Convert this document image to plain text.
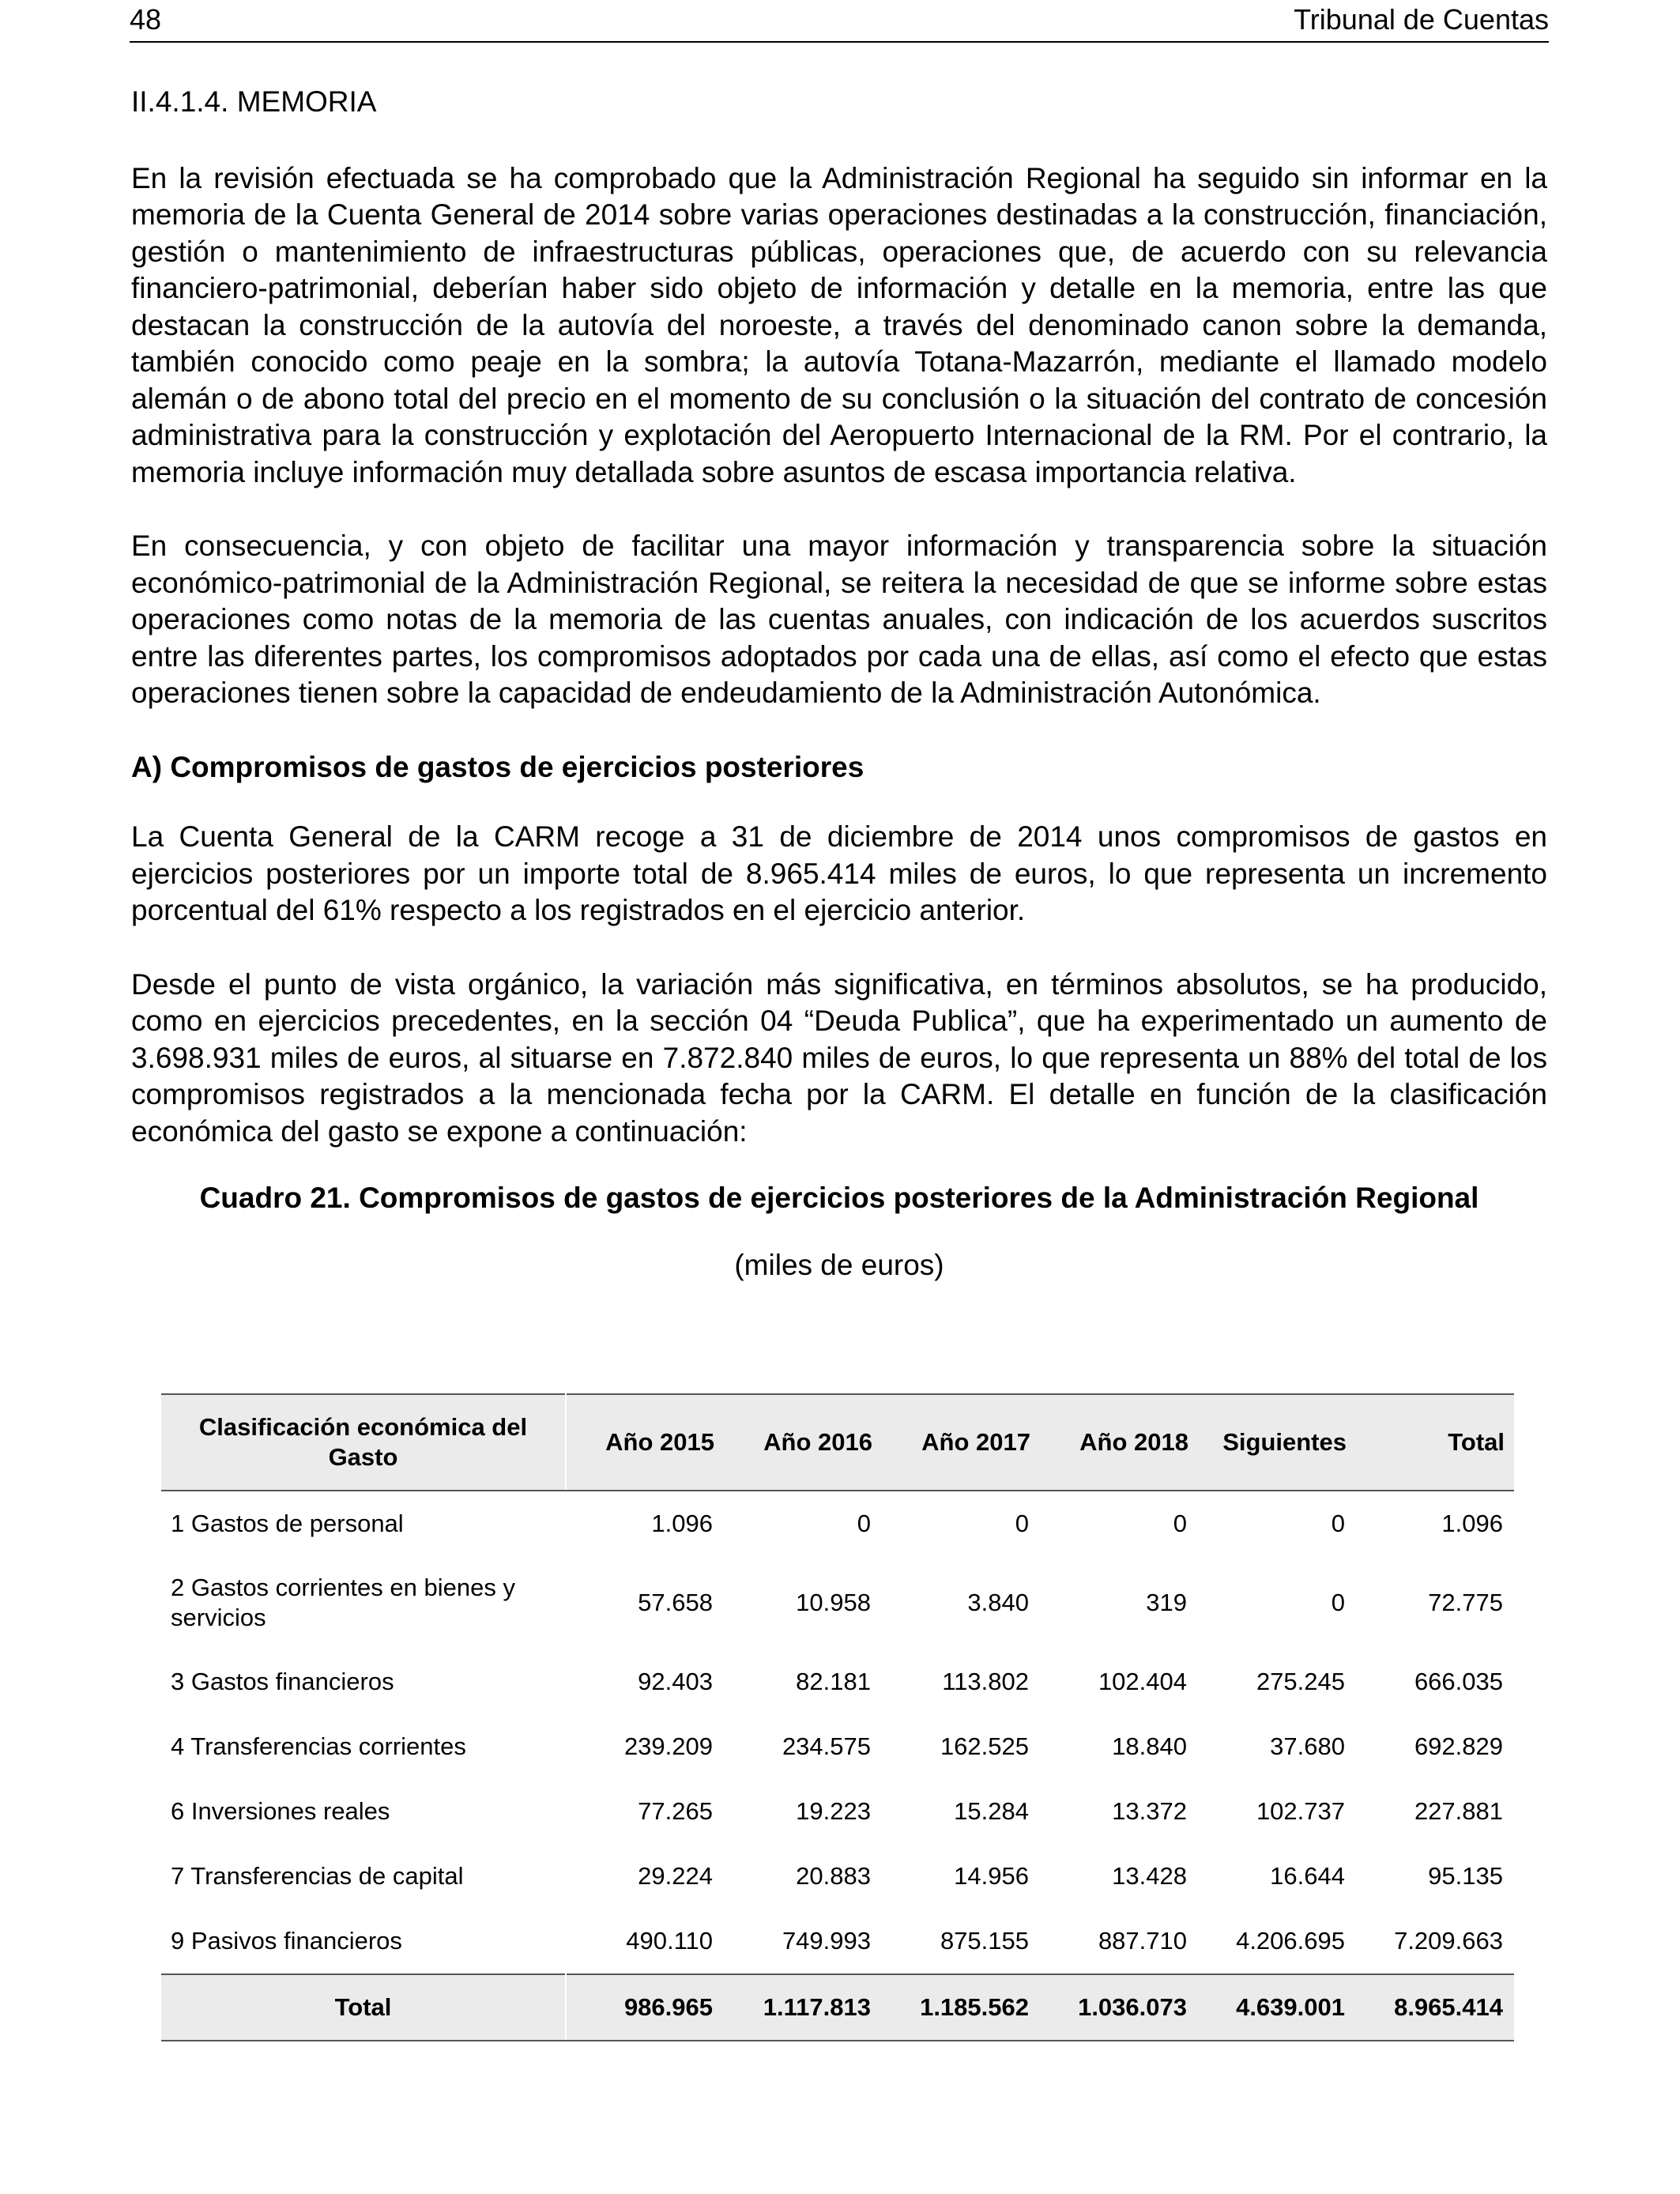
48	Tribunal de Cuentas
II.4.1.4. MEMORIA

En la revisión efectuada se ha comprobado que la Administración Regional ha seguido sin informar en la memoria de la Cuenta General de 2014 sobre varias operaciones destinadas a la construcción, financiación, gestión o mantenimiento de infraestructuras públicas, operaciones que, de acuerdo con su relevancia financiero-patrimonial, deberían haber sido objeto de información y detalle en la memoria, entre las que destacan la construcción de la autovía del noroeste, a través del denominado canon sobre la demanda, también conocido como peaje en la sombra; la autovía Totana-Mazarrón, mediante el llamado modelo alemán o de abono total del precio en el momento de su conclusión o la situación del contrato de concesión administrativa para la construcción y explotación del Aeropuerto Internacional de la RM. Por el contrario, la memoria incluye información muy detallada sobre asuntos de escasa importancia relativa.

En consecuencia, y con objeto de facilitar una mayor información y transparencia sobre la situación económico-patrimonial de la Administración Regional, se reitera la necesidad de que se informe sobre estas operaciones como notas de la memoria de las cuentas anuales, con indicación de los acuerdos suscritos entre las diferentes partes, los compromisos adoptados por cada una de ellas, así como el efecto que estas operaciones tienen sobre la capacidad de endeudamiento de la Administración Autonómica.

A) Compromisos de gastos de ejercicios posteriores

La Cuenta General de la CARM recoge a 31 de diciembre de 2014 unos compromisos de gastos en ejercicios posteriores por un importe total de 8.965.414 miles de euros, lo que representa un incremento porcentual del 61% respecto a los registrados en el ejercicio anterior.

Desde el punto de vista orgánico, la variación más significativa, en términos absolutos, se ha producido, como en ejercicios precedentes, en la sección 04 “Deuda Publica”, que ha experimentado un aumento de 3.698.931 miles de euros, al situarse en 7.872.840 miles de euros, lo que representa un 88% del total de los compromisos registrados a la mencionada fecha por la CARM. El detalle en función de la clasificación económica del gasto se expone a continuación:

Cuadro 21. Compromisos de gastos de ejercicios posteriores de la Administración Regional
(miles de euros)
Clasificación económica del Gasto	Año 2015	Año 2016	Año 2017	Año 2018	Siguientes	Total
1 Gastos de personal	1.096	0	0	0	0	1.096
2 Gastos corrientes en bienes y servicios	57.658	10.958	3.840	319	0	72.775
3 Gastos financieros	92.403	82.181	113.802	102.404	275.245	666.035
4 Transferencias corrientes	239.209	234.575	162.525	18.840	37.680	692.829
6 Inversiones reales	77.265	19.223	15.284	13.372	102.737	227.881
7 Transferencias de capital	29.224	20.883	14.956	13.428	16.644	95.135
9 Pasivos financieros	490.110	749.993	875.155	887.710	4.206.695	7.209.663
Total	986.965	1.117.813	1.185.562	1.036.073	4.639.001	8.965.414
